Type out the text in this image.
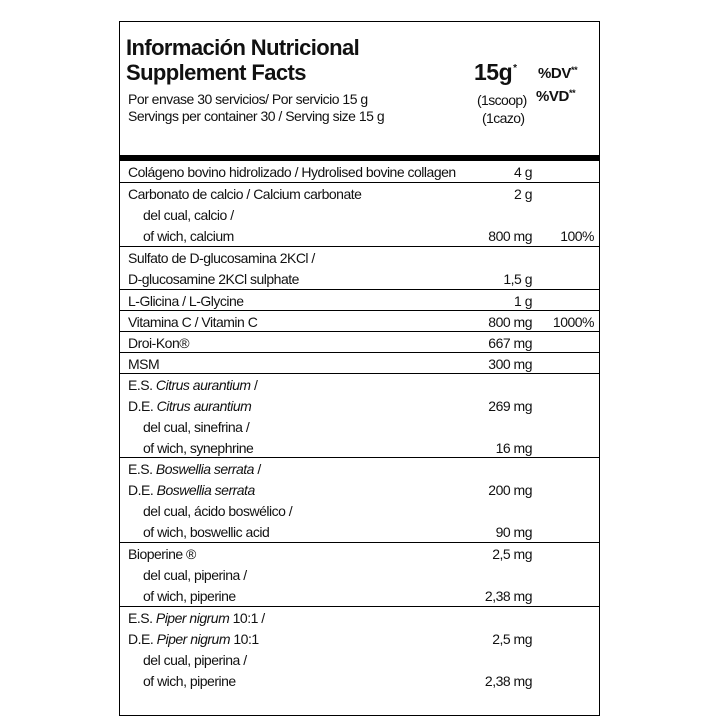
Información Nutricional
Supplement Facts	15g* %DV**
%VD**
Por envase 30 servicios/ Por servicio 15 g
Servings per container 30 / Serving size 15 g
(1scoop)
(1cazo)
Colágeno bovino hidrolizado / Hydrolised bovine collagen	4 g
Carbonato de calcio / Calcium carbonate	2 g
del cual, calcio /
of wich, calcium	800 mg 100%
Sulfato de D-glucosamina 2KCl /
D-glucosamine 2KCl sulphate	1,5 g
L-Glicina / L-Glycine	1 g
Vitamina C / Vitamin C	800 mg 1000%
Droi-Kon®	667 mg
MSM	300 mg
E.S. Citrus aurantium /
D.E. Citrus aurantium	269 mg
del cual, sinefrina /
of wich, synephrine	16 mg
E.S. Boswellia serrata /
D.E. Boswellia serrata	200 mg
del cual, ácido boswélico /
of wich, boswellic acid	90 mg
Bioperine ®	2,5 mg
del cual, piperina /
of wich, piperine	2,38 mg
E.S. Piper nigrum 10:1 /
D.E. Piper nigrum 10:1	2,5 mg
del cual, piperina /
of wich, piperine	2,38 mg
